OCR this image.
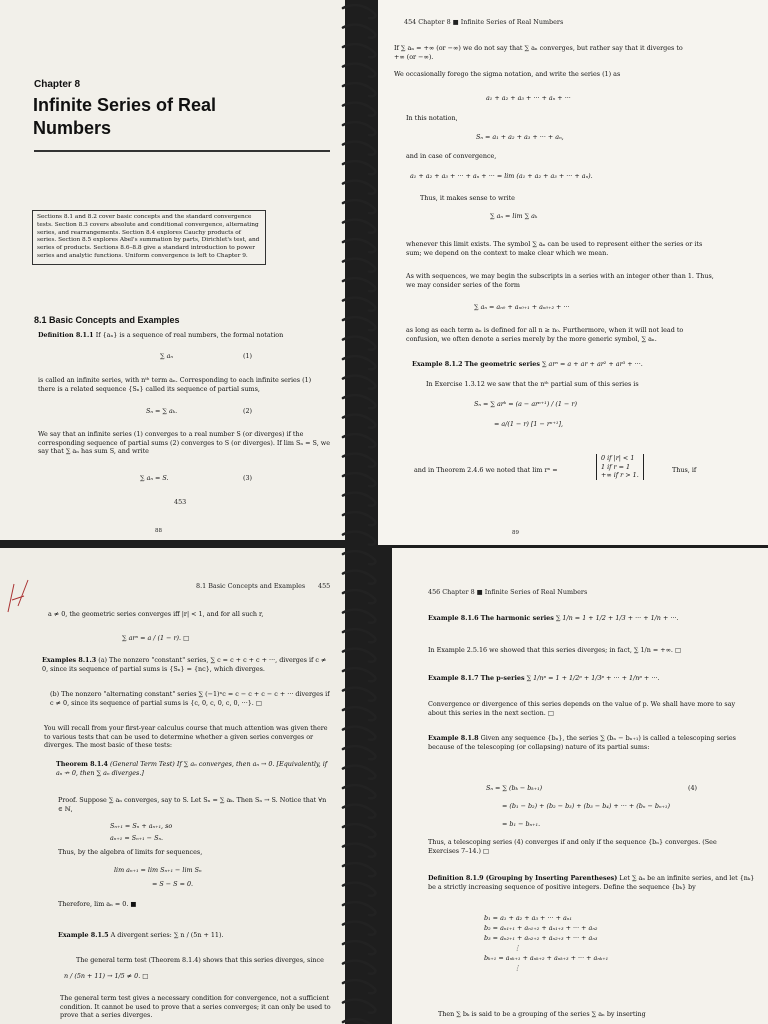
Chapter 8

Infinite Series of Real

Numbers

Sections 8.1 and 8.2 cover basic concepts and the standard convergence tests. Section 8.3 covers absolute and conditional convergence, alternating series, and rearrangements. Section 8.4 explores Cauchy products of series. Section 8.5 explores Abel's summation by parts, Dirichlet's test, and series of products. Sections 8.6–8.8 give a standard introduction to power series and analytic functions. Uniform convergence is left to Chapter 9.

8.1 Basic Concepts and Examples

Definition 8.1.1 If {aₙ} is a sequence of real numbers, the formal notation

∑ aₙ	(1)

is called an infinite series, with nᵗʰ term aₙ. Corresponding to each infinite series (1) there is a related sequence {Sₙ} called its sequence of partial sums,

Sₙ = ∑ aₖ.	(2)

We say that an infinite series (1) converges to a real number S (or diverges) if the corresponding sequence of partial sums (2) converges to S (or diverges). If lim Sₙ = S, we say that ∑ aₙ has sum S, and write

∑ aₙ = S.	(3)

453

88

454 Chapter 8 ■ Infinite Series of Real Numbers

If ∑ aₙ = +∞ (or −∞) we do not say that ∑ aₙ converges, but rather say that it diverges to +∞ (or −∞).

We occasionally forego the sigma notation, and write the series (1) as

a₁ + a₂ + a₃ + ··· + aₙ + ···

In this notation,

Sₙ = a₁ + a₂ + a₃ + ··· + aₙ,

and in case of convergence,

a₁ + a₂ + a₃ + ··· + aₙ + ··· = lim (a₁ + a₂ + a₃ + ··· + aₙ).

Thus, it makes sense to write

∑ aₙ = lim ∑ aₖ

whenever this limit exists. The symbol ∑ aₙ can be used to represent either the series or its sum; we depend on the context to make clear which we mean.

As with sequences, we may begin the subscripts in a series with an integer other than 1. Thus, we may consider series of the form

∑ aₙ = aₙ₀ + aₙ₀₊₁ + aₙ₀₊₂ + ···

as long as each term aₙ is defined for all n ≥ n₀. Furthermore, when it will not lead to confusion, we often denote a series merely by the more generic symbol, ∑ aₙ.

Example 8.1.2 The geometric series ∑ arⁿ = a + ar + ar² + ar³ + ···.

In Exercise 1.3.12 we saw that the nᵗʰ partial sum of this series is

Sₙ = ∑ arᵏ = (a − arⁿ⁺¹) / (1 − r)

= a/(1 − r) [1 − rⁿ⁺¹],

and in Theorem 2.4.6 we noted that lim rⁿ =

0 if |r| < 1

1 if r = 1

+∞ if r > 1.

Thus, if

89

8.1 Basic Concepts and Examples 455

a ≠ 0, the geometric series converges iff |r| < 1, and for all such r,

∑ arⁿ = a / (1 − r). □

Examples 8.1.3 (a) The nonzero "constant" series, ∑ c = c + c + c + ···, diverges if c ≠ 0, since its sequence of partial sums is {Sₙ} = {nc}, which diverges.

(b) The nonzero "alternating constant" series ∑ (−1)ⁿc = c − c + c − c + ··· diverges if c ≠ 0, since its sequence of partial sums is {c, 0, c, 0, c, 0, ···}. □

You will recall from your first-year calculus course that much attention was given there to various tests that can be used to determine whether a given series converges or diverges. The most basic of these tests:

Theorem 8.1.4 (General Term Test) If ∑ aₙ converges, then aₙ → 0. [Equivalently, if aₙ ↛ 0, then ∑ aₙ diverges.]

Proof. Suppose ∑ aₙ converges, say to S. Let Sₙ = ∑ aₖ. Then Sₙ → S. Notice that ∀n ∈ ℕ,

Sₙ₊₁ = Sₙ + aₙ₊₁, so

aₙ₊₁ = Sₙ₊₁ − Sₙ.

Thus, by the algebra of limits for sequences,

lim aₙ₊₁ = lim Sₙ₊₁ − lim Sₙ

= S − S = 0.

Therefore, lim aₙ = 0. ■

Example 8.1.5 A divergent series: ∑ n / (5n + 11).

The general term test (Theorem 8.1.4) shows that this series diverges, since

n / (5n + 11) → 1/5 ≠ 0. □

The general term test gives a necessary condition for convergence, not a sufficient condition. It cannot be used to prove that a series converges; it can only be used to prove that a series diverges.

456 Chapter 8 ■ Infinite Series of Real Numbers

Example 8.1.6 The harmonic series ∑ 1/n = 1 + 1/2 + 1/3 + ··· + 1/n + ···.

In Example 2.5.16 we showed that this series diverges; in fact, ∑ 1/n = +∞. □

Example 8.1.7 The p-series ∑ 1/nᵖ = 1 + 1/2ᵖ + 1/3ᵖ + ··· + 1/nᵖ + ···.

Convergence or divergence of this series depends on the value of p. We shall have more to say about this series in the next section. □

Example 8.1.8 Given any sequence {bₙ}, the series ∑ (bₙ − bₙ₊₁) is called a telescoping series because of the telescoping (or collapsing) nature of its partial sums:

Sₙ = ∑ (bₖ − bₖ₊₁)	(4)

= (b₁ − b₂) + (b₂ − b₃) + (b₃ − b₄) + ··· + (bₙ − bₙ₊₁)

= b₁ − bₙ₊₁.

Thus, a telescoping series (4) converges if and only if the sequence {bₙ} converges. (See Exercises 7–14.) □

Definition 8.1.9 (Grouping by Inserting Parentheses) Let ∑ aₙ be an infinite series, and let {nₖ} be a strictly increasing sequence of positive integers. Define the sequence {bₖ} by

b₁ = a₁ + a₂ + a₃ + ··· + aₙ₁

b₂ = aₙ₁₊₁ + aₙ₁₊₂ + aₙ₁₊₃ + ··· + aₙ₂

b₃ = aₙ₂₊₁ + aₙ₂₊₂ + aₙ₂₊₃ + ··· + aₙ₃

⋮

bₖ₊₁ = aₙₖ₊₁ + aₙₖ₊₂ + aₙₖ₊₃ + ··· + aₙₖ₊₁

⋮

Then ∑ bₖ is said to be a grouping of the series ∑ aₙ by inserting
